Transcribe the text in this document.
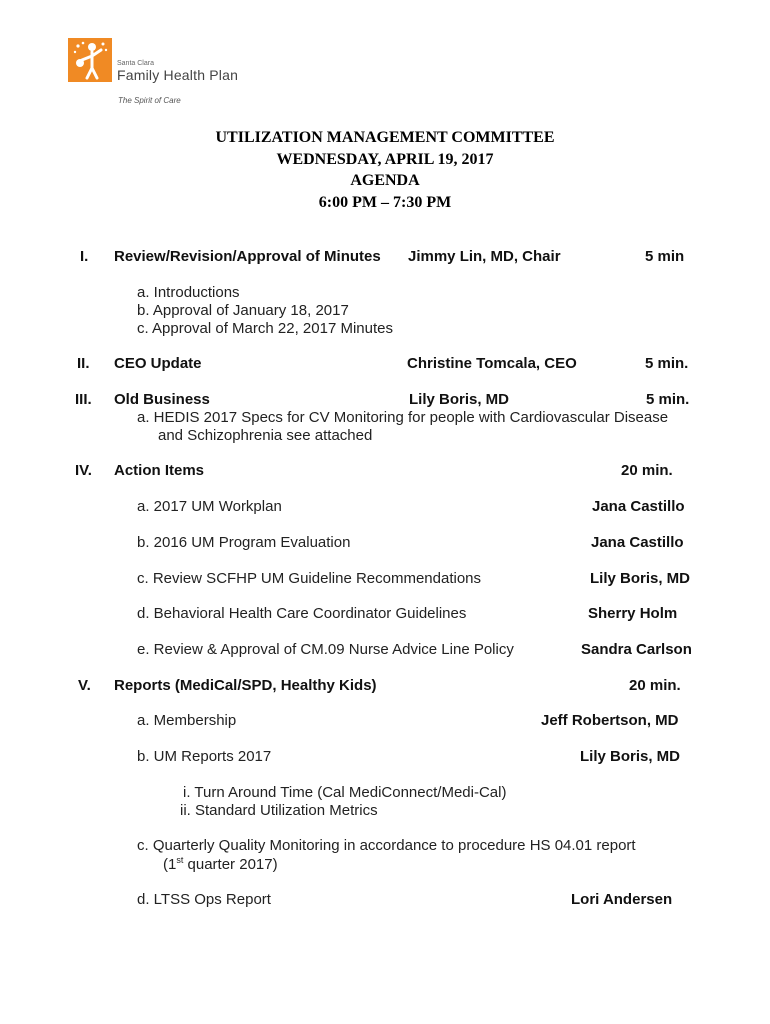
Santa Clara
Family Health Plan
The Spirit of Care
UTILIZATION MANAGEMENT COMMITTEE
WEDNESDAY, APRIL 19, 2017
AGENDA
6:00 PM – 7:30 PM
I. Review/Revision/Approval of Minutes Jimmy Lin, MD, Chair	5 min
a. Introductions
b. Approval of January 18, 2017
c. Approval of March 22, 2017 Minutes
II. CEO Update	Christine Tomcala, CEO	5 min.
III. Old Business	Lily Boris, MD	5 min.
a. HEDIS 2017 Specs for CV Monitoring for people with Cardiovascular Disease
and Schizophrenia see attached
IV. Action Items	20 min.
a. 2017 UM Workplan	Jana Castillo
b. 2016 UM Program Evaluation	Jana Castillo
c. Review SCFHP UM Guideline Recommendations	Lily Boris, MD
d. Behavioral Health Care Coordinator Guidelines	Sherry Holm
e. Review & Approval of CM.09 Nurse Advice Line Policy	Sandra Carlson
V. Reports (MediCal/SPD, Healthy Kids)	20 min.
a. Membership	Jeff Robertson, MD
b. UM Reports 2017	Lily Boris, MD
i. Turn Around Time (Cal MediConnect/Medi-Cal)
ii. Standard Utilization Metrics
c. Quarterly Quality Monitoring in accordance to procedure HS 04.01 report
(1st quarter 2017)
d. LTSS Ops Report	Lori Andersen
